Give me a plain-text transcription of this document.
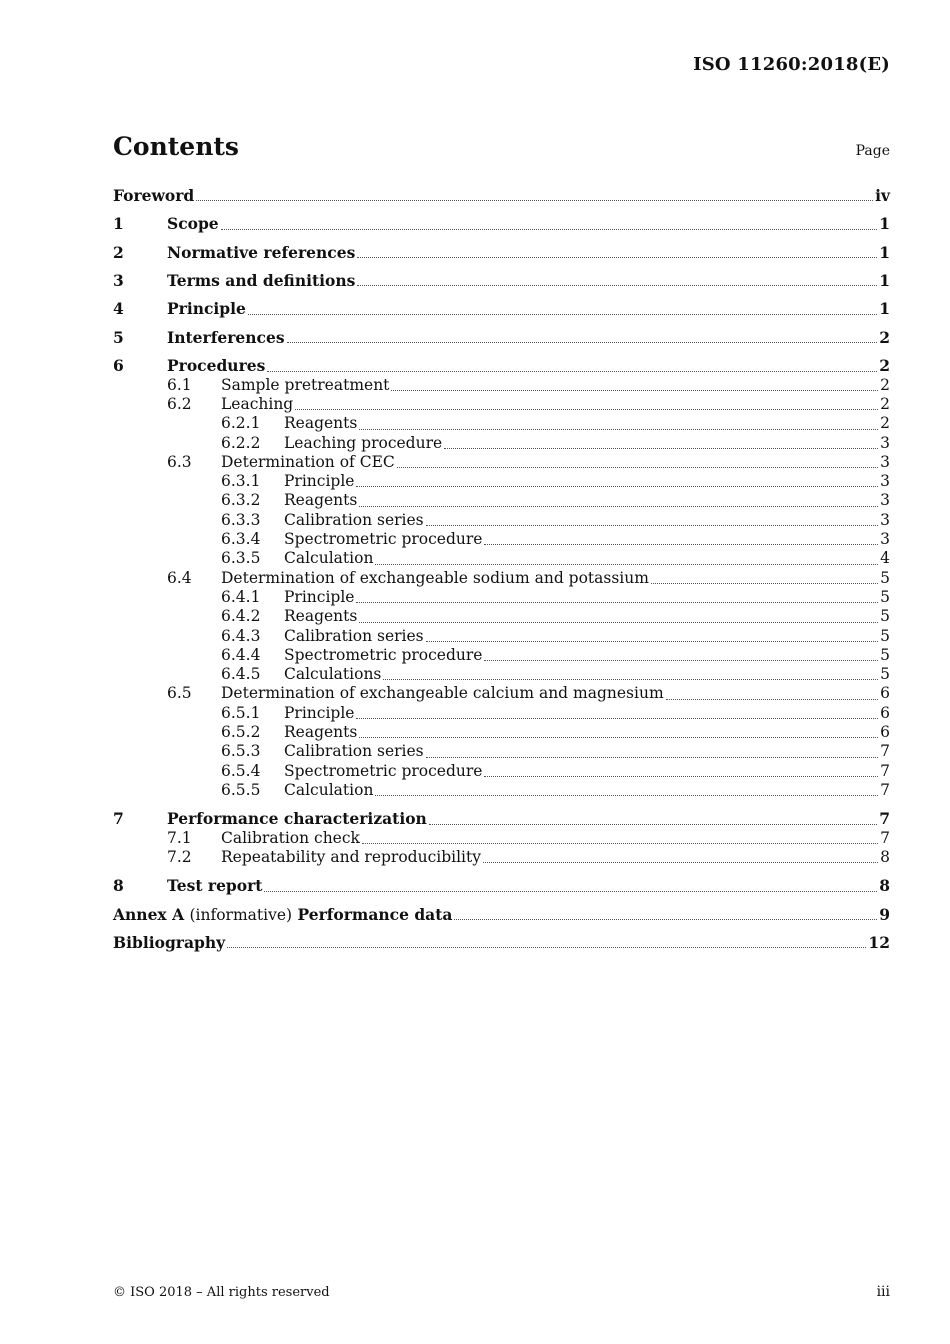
ISO 11260:2018(E)
Contents	Page
Foreword	iv
1	Scope	1
2	Normative references	1
3	Terms and definitions	1
4	Principle	1
5	Interferences	2
6	Procedures	2
6.1	Sample pretreatment	2
6.2	Leaching	2
6.2.1	Reagents	2
6.2.2	Leaching procedure	3
6.3	Determination of CEC	3
6.3.1	Principle	3
6.3.2	Reagents	3
6.3.3	Calibration series	3
6.3.4	Spectrometric procedure	3
6.3.5	Calculation	4
6.4	Determination of exchangeable sodium and potassium	5
6.4.1	Principle	5
6.4.2	Reagents	5
6.4.3	Calibration series	5
6.4.4	Spectrometric procedure	5
6.4.5	Calculations	5
6.5	Determination of exchangeable calcium and magnesium	6
6.5.1	Principle	6
6.5.2	Reagents	6
6.5.3	Calibration series	7
6.5.4	Spectrometric procedure	7
6.5.5	Calculation	7
7	Performance characterization	7
7.1	Calibration check	7
7.2	Repeatability and reproducibility	8
8	Test report	8
Annex A (informative) Performance data	9
Bibliography	12
© ISO 2018 – All rights reserved	iii
